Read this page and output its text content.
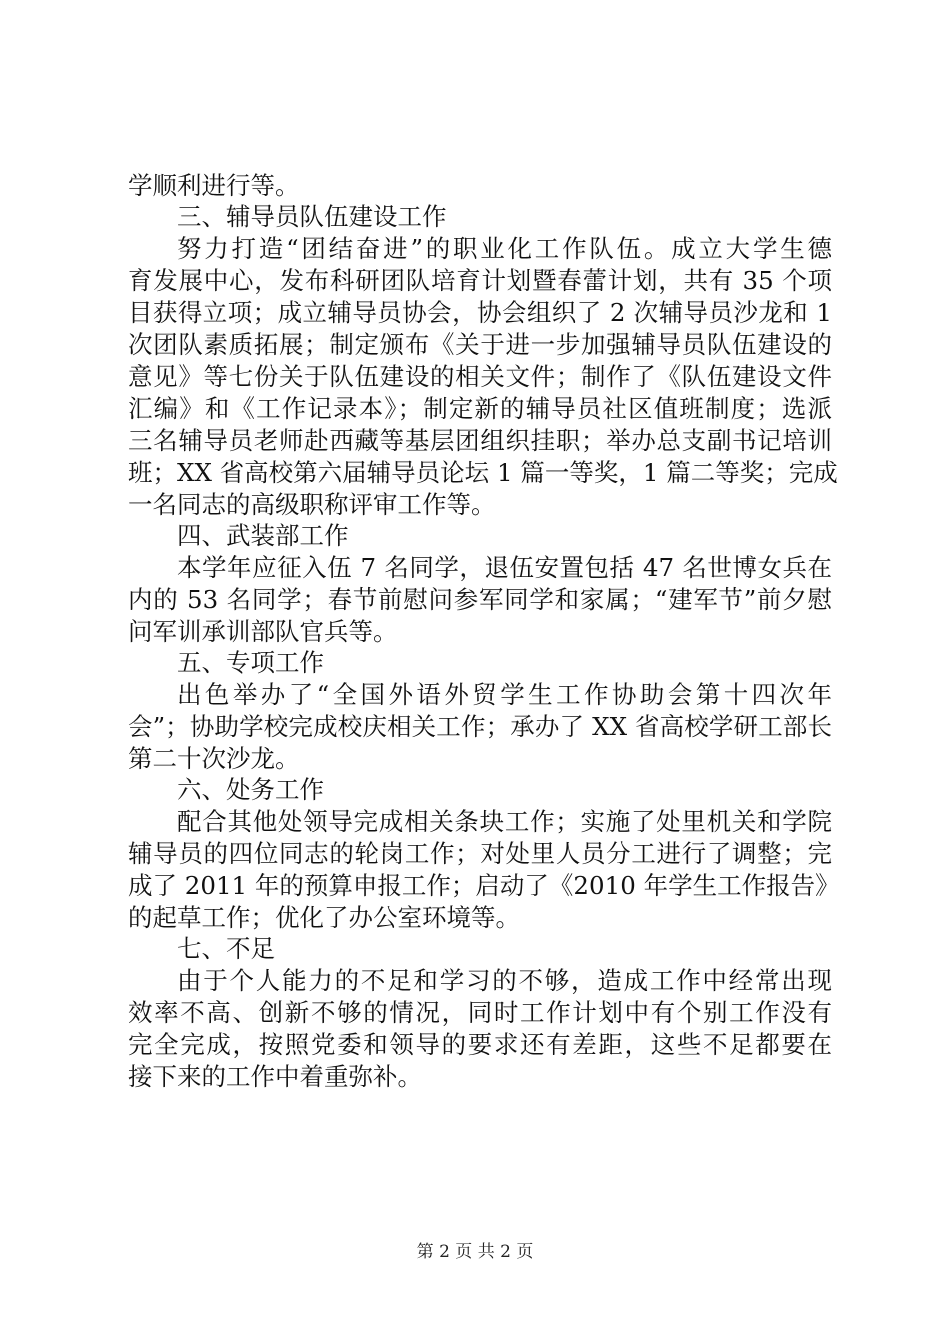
学顺利进行等。
三、辅导员队伍建设工作
努力打造“团结奋进”的职业化工作队伍。成立大学生德
育发展中心，发布科研团队培育计划暨春蕾计划，共有 35 个项
目获得立项；成立辅导员协会，协会组织了 2 次辅导员沙龙和 1
次团队素质拓展；制定颁布《关于进一步加强辅导员队伍建设的
意见》等七份关于队伍建设的相关文件；制作了《队伍建设文件
汇编》和《工作记录本》；制定新的辅导员社区值班制度；选派
三名辅导员老师赴西藏等基层团组织挂职；举办总支副书记培训
班；XX 省高校第六届辅导员论坛 1 篇一等奖，1 篇二等奖；完成
一名同志的高级职称评审工作等。
四、武装部工作
本学年应征入伍 7 名同学，退伍安置包括 47 名世博女兵在
内的 53 名同学；春节前慰问参军同学和家属；“建军节”前夕慰
问军训承训部队官兵等。
五、专项工作
出色举办了“全国外语外贸学生工作协助会第十四次年
会”；协助学校完成校庆相关工作；承办了 XX 省高校学研工部长
第二十次沙龙。
六、处务工作
配合其他处领导完成相关条块工作；实施了处里机关和学院
辅导员的四位同志的轮岗工作；对处里人员分工进行了调整；完
成了 2011 年的预算申报工作；启动了《2010 年学生工作报告》
的起草工作；优化了办公室环境等。
七、不足
由于个人能力的不足和学习的不够，造成工作中经常出现
效率不高、创新不够的情况，同时工作计划中有个别工作没有
完全完成，按照党委和领导的要求还有差距，这些不足都要在
接下来的工作中着重弥补。
第 2 页 共 2 页
